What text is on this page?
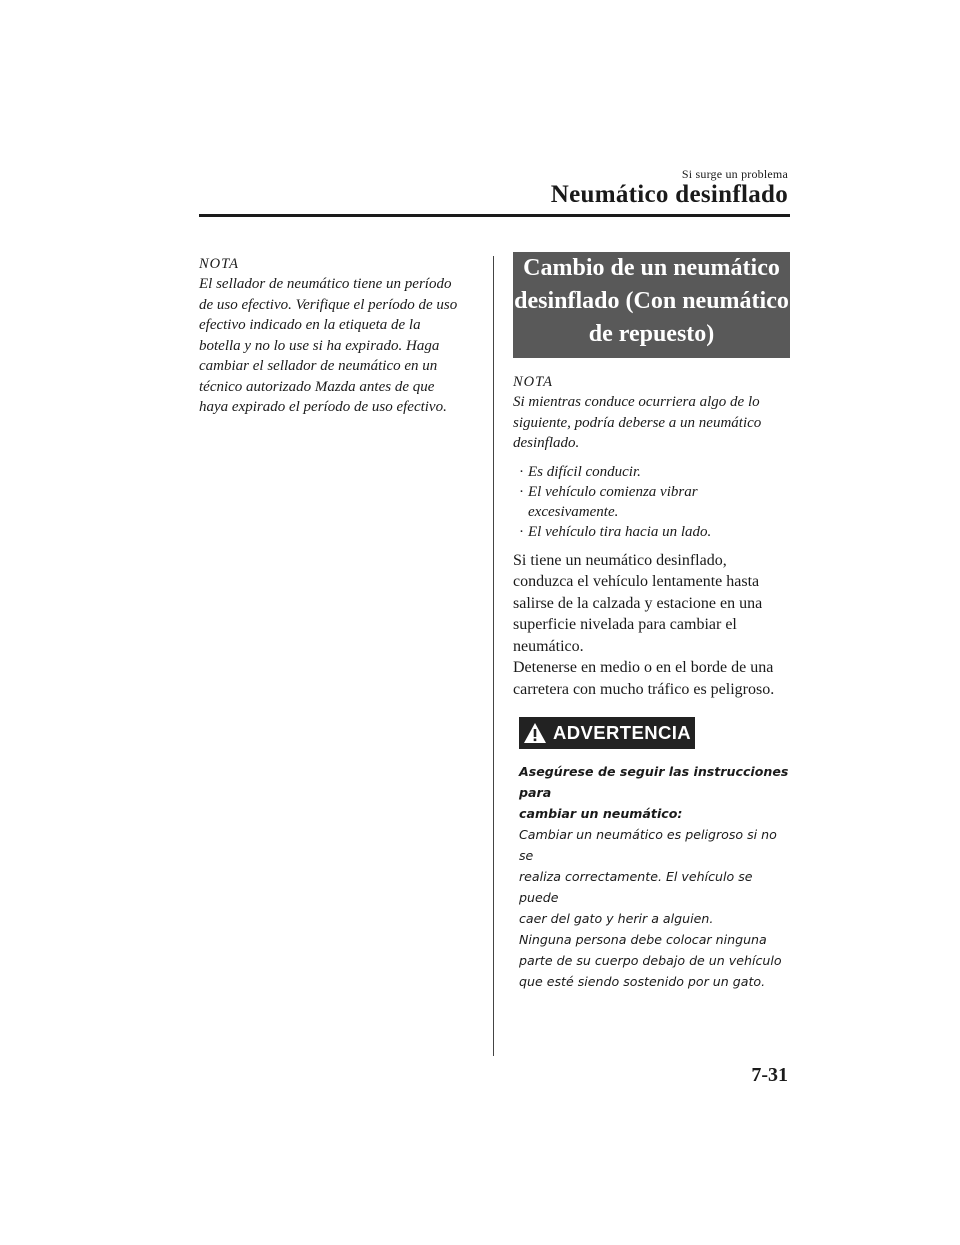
Si surge un problema
Neumático desinflado

NOTA

El sellador de neumático tiene un período
de uso efectivo. Verifique el período de uso
efectivo indicado en la etiqueta de la
botella y no lo use si ha expirado. Haga
cambiar el sellador de neumático en un
técnico autorizado Mazda antes de que
haya expirado el período de uso efectivo.
Cambio de un neumático
desinflado (Con neumático
de repuesto)

NOTA

Si mientras conduce ocurriera algo de lo
siguiente, podría deberse a un neumático
desinflado.
· Es difícil conducir.
· El vehículo comienza vibrar
excesivamente.
· El vehículo tira hacia un lado.
Si tiene un neumático desinflado,
conduzca el vehículo lentamente hasta
salirse de la calzada y estacione en una
superficie nivelada para cambiar el
neumático.
Detenerse en medio o en el borde de una
carretera con mucho tráfico es peligroso.
ADVERTENCIA

Asegúrese de seguir las instrucciones para

cambiar un neumático:

Cambiar un neumático es peligroso si no se

realiza correctamente. El vehículo se puede

caer del gato y herir a alguien.

Ninguna persona debe colocar ninguna

parte de su cuerpo debajo de un vehículo

que esté siendo sostenido por un gato.

7-31
